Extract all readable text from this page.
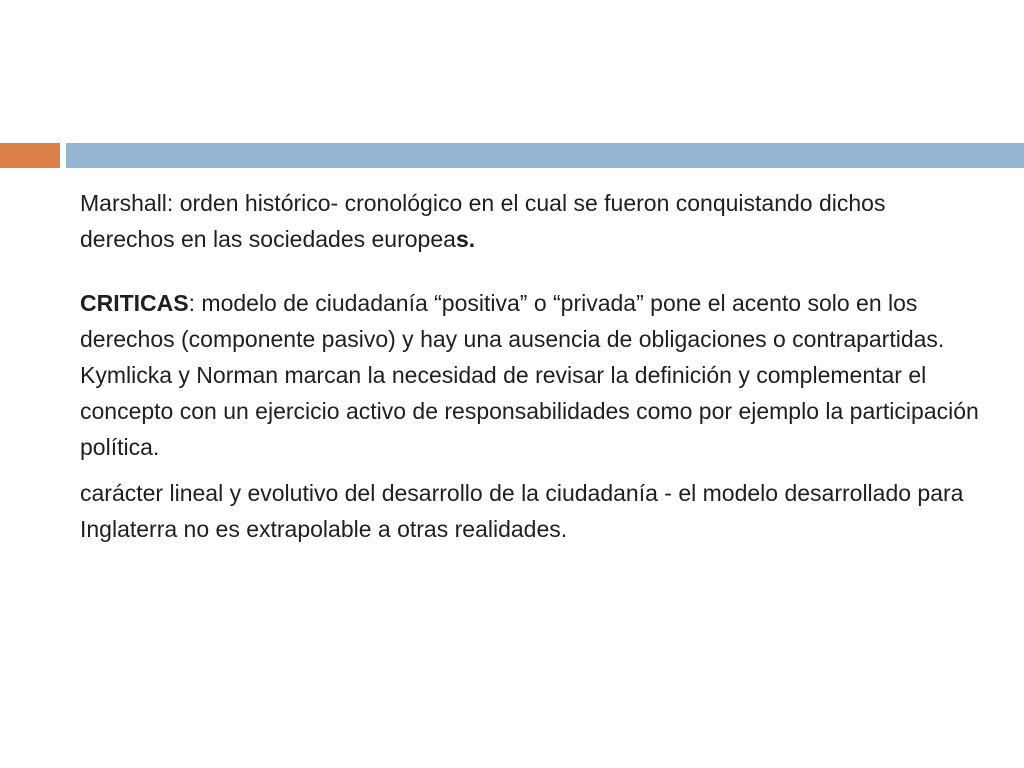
Marshall: orden histórico- cronológico en el cual se fueron conquistando dichos derechos en las sociedades europeas.

CRITICAS: modelo de ciudadanía “positiva” o “privada” pone el acento solo en los derechos (componente pasivo) y hay una ausencia de obligaciones o contrapartidas. Kymlicka y Norman marcan la necesidad de revisar la definición y complementar el concepto con un ejercicio activo de responsabilidades como por ejemplo la participación política.

carácter lineal y evolutivo del desarrollo de la ciudadanía - el modelo desarrollado para Inglaterra no es extrapolable a otras realidades.
